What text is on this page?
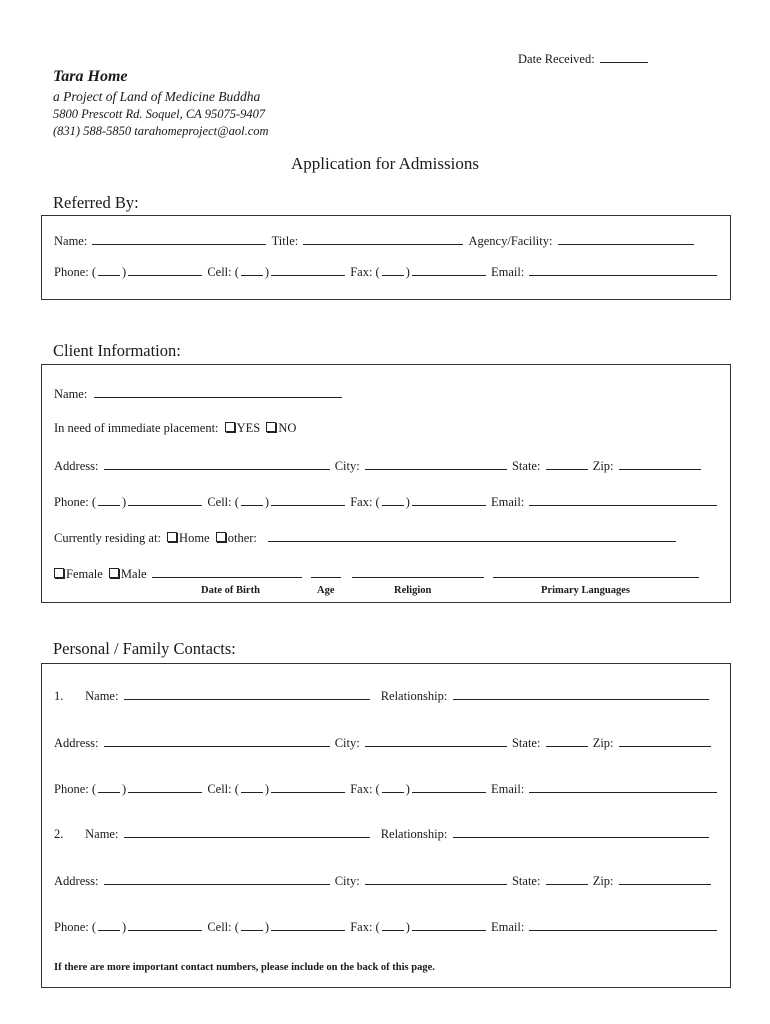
Date Received:
Tara Home
a Project of Land of Medicine Buddha
5800 Prescott Rd. Soquel, CA 95075-9407
(831) 588-5850 tarahomeproject@aol.com
Application for Admissions
Referred By:
Name:	Title:	Agency/Facility:
Phone: ( )	Cell: ( )	Fax: ( )	Email:
Client Information:
Name:
In need of immediate placement: YES NO
Address:	City:	State:	Zip:
Phone: ( )	Cell: ( )	Fax: ( )	Email:
Currently residing at: Home other:
Female Male
Date of Birth	Age	Religion	Primary Languages
Personal / Family Contacts:
1. Name:	Relationship:
Address:	City:	State:	Zip:
Phone: ( )	Cell: ( )	Fax: ( )	Email:
2. Name:	Relationship:
Address:	City:	State:	Zip:
Phone: ( )	Cell: ( )	Fax: ( )	Email:
If there are more important contact numbers, please include on the back of this page.
